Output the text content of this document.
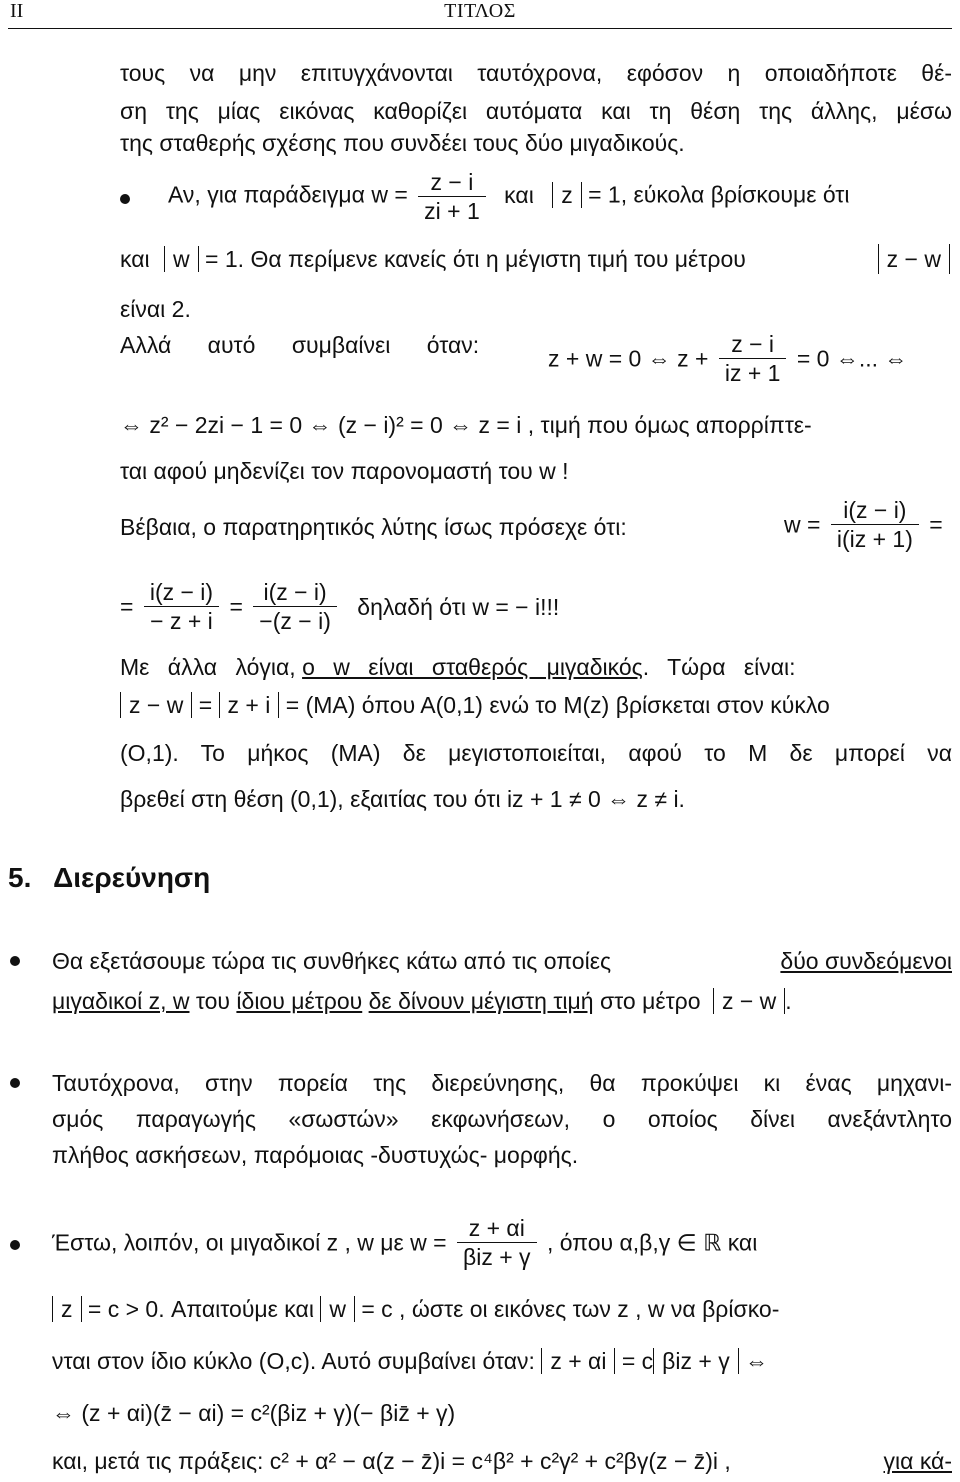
ΙΙ	ΤΙΤΛΟΣ
τους να μην επιτυγχάνονται ταυτόχρονα, εφόσον η οποιαδήποτε θέ-
ση της μίας εικόνας καθορίζει αυτόματα και τη θέση της άλλης, μέσω
της σταθερής σχέσης που συνδέει τους δύο μιγαδικούς.
Αν, για παράδειγμα $w = \frac{z - i}{zi + 1}$ και z = 1, εύκολα βρίσκουμε ότι
και w = 1. Θα περίμενε κανείς ότι η μέγιστη τιμή του μέτρου	z − w
είναι 2.
Αλλά αυτό συμβαίνει όταν:
z + w = 0 ⇔ $z + \frac{z - i}{iz + 1} = 0$ ⇔... ⇔
⇔ z² − 2zi − 1 = 0 ⇔ (z − i)² = 0 ⇔ z = i , τιμή που όμως απορρίπτε-
ται αφού μηδενίζει τον παρονομαστή του w !
Βέβαια, ο παρατηρητικός λύτης ίσως πρόσεχε ότι:	$w = \frac{i(z - i)}{i(iz + 1)}$ =
= $\frac{i(z - i)}{- z + i} = \frac{i(z - i)}{-(z - i)}$ δηλαδή ότι w = − i!!!
Με άλλα λόγια, ο w είναι σταθερός μιγαδικός. Τώρα είναι:
z − w = z + i = (ΜΑ) όπου Α(0,1) ενώ το Μ(z) βρίσκεται στον κύκλο
(Ο,1). Το μήκος (ΜΑ) δε μεγιστοποιείται, αφού το Μ δε μπορεί να
βρεθεί στη θέση (0,1), εξαιτίας του ότι iz + 1 ≠ 0 ⇔ z ≠ i.
5. Διερεύνηση
Θα εξετάσουμε τώρα τις συνθήκες κάτω από τις οποίες	δύο συνδεόμενοι
μιγαδικοί z, w του ίδιου μέτρου δε δίνουν μέγιστη τιμή στο μέτρο z − w .
Ταυτόχρονα, στην πορεία της διερεύνησης, θα προκύψει κι ένας μηχανι-
σμός παραγωγής «σωστών» εκφωνήσεων, ο οποίος δίνει ανεξάντλητο
πλήθος ασκήσεων, παρόμοιας -δυστυχώς- μορφής.
Έστω, λοιπόν, οι μιγαδικοί z , w με $w = \frac{z + \alpha i}{\text{βiz + γ}}$ , όπου α,β,γ ∈ ℝ και
z = c > 0. Απαιτούμε και w = c , ώστε οι εικόνες των z , w να βρίσκο-
νται στον ίδιο κύκλο (O,c). Αυτό συμβαίνει όταν: z + αi = c βiz + γ ⇔
⇔ (z + αi)(z̄ − αi) = c²(βiz + γ)(− βiz̄ + γ)
και, μετά τις πράξεις: c² + α² − α(z − z̄)i = c⁴β² + c²γ² + c²βγ(z − z̄)i ,	για κά-
